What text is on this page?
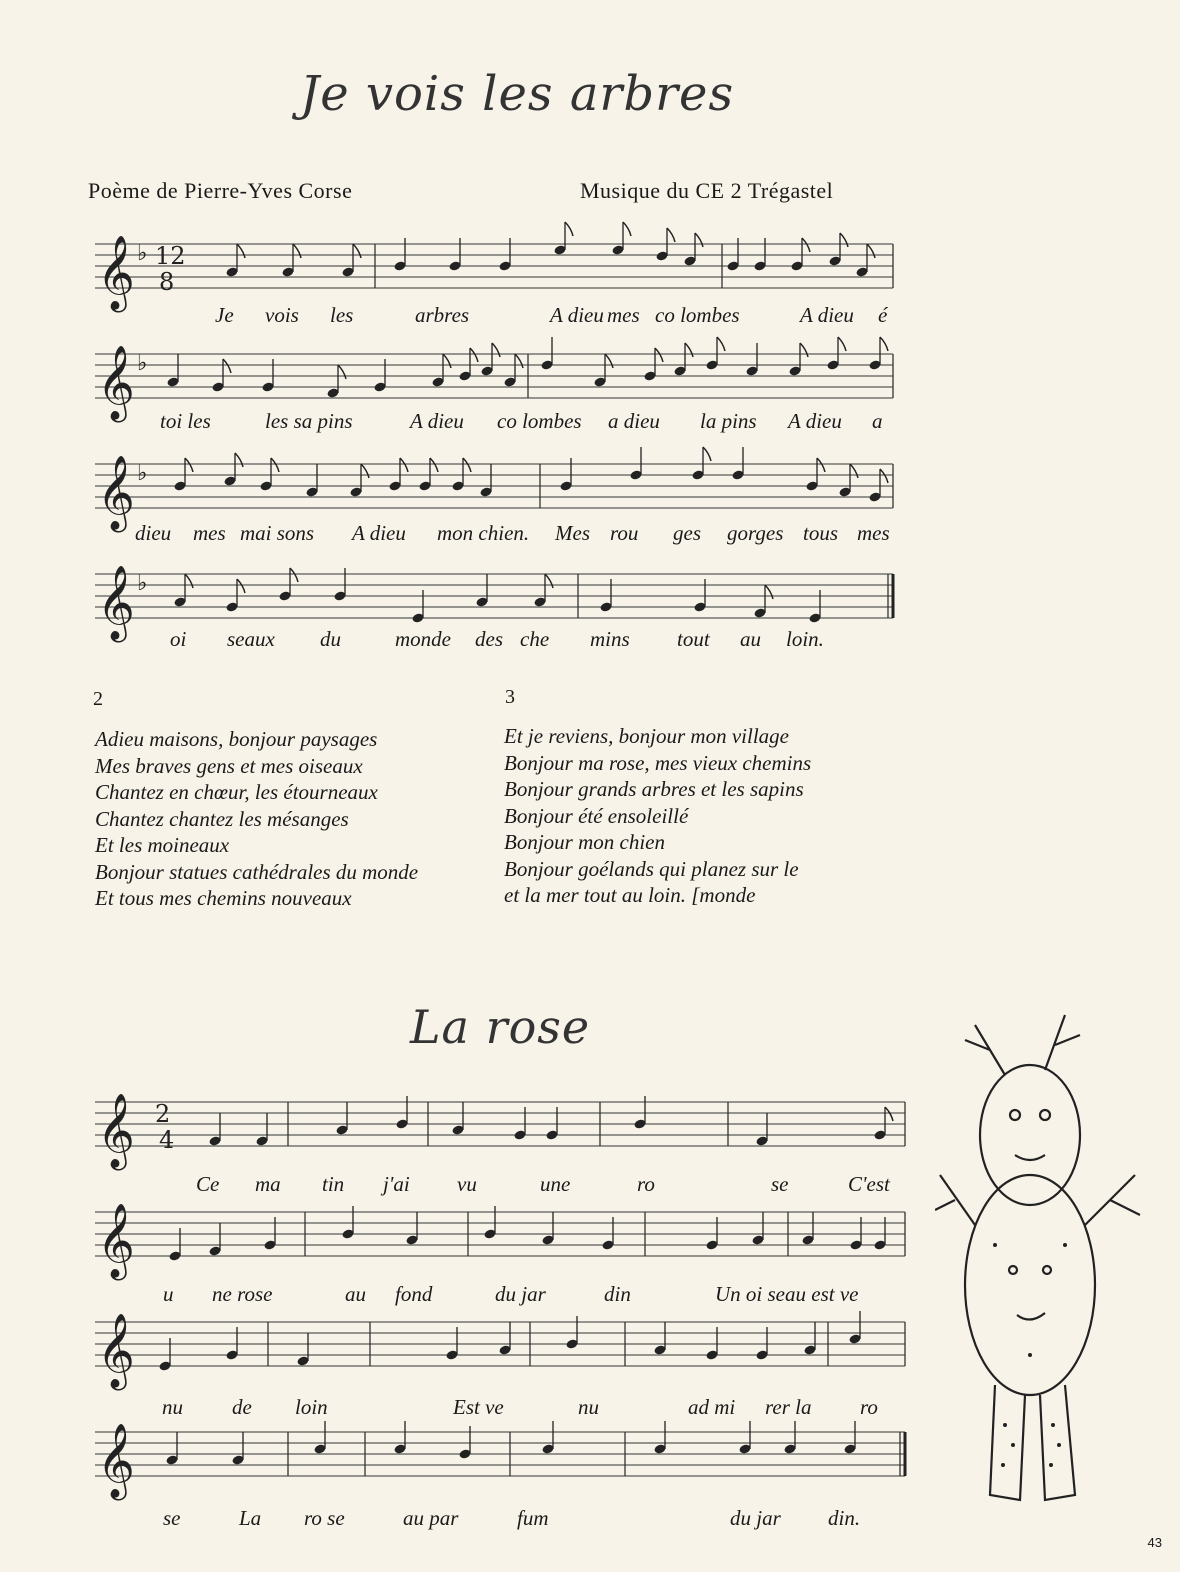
Je vois les arbres
Poème de Pierre-Yves Corse	Musique du CE 2 Trégastel
𝄞 ♭ 12
8
𝄞 ♭
𝄞 ♭
𝄞 ♭
Je vois les	arbres	A dieu mes co lombes	A dieu é
toi les	les sa pins	A dieu co lombes a dieu la pins A dieu a
dieu mes mai sons A dieu mon chien. Mes rou ges gorges tous mes
oi seaux du	monde des che mins tout au loin.
2	3
Adieu maisons, bonjour paysages
Mes braves gens et mes oiseaux
Chantez en chœur, les étourneaux
Chantez chantez les mésanges
Et les moineaux
Bonjour statues cathédrales du monde
Et tous mes chemins nouveaux
Et je reviens, bonjour mon village
Bonjour ma rose, mes vieux chemins
Bonjour grands arbres et les sapins
Bonjour été ensoleillé
Bonjour mon chien
Bonjour goélands qui planez sur le
et la mer tout au loin. [monde
La rose
𝄞 2
4
𝄞
𝄞
𝄞
Ce ma tin j'ai vu	une	ro	se	C'est
u ne rose	au fond	du jar	din	Un oi seau est ve
nu de loin	Est ve	nu	ad mi rer la ro
se	La ro se	au par	fum	du jar din.
43
